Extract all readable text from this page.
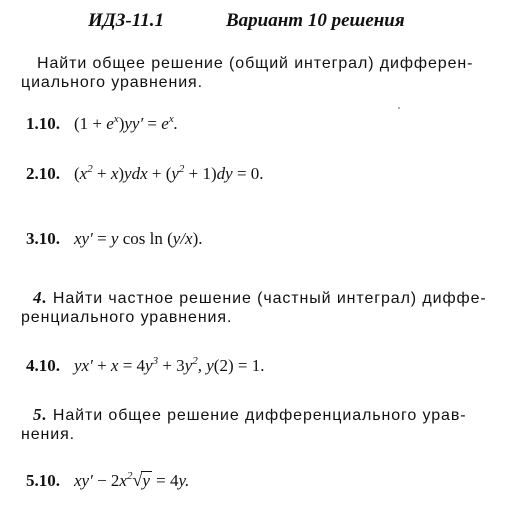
ИДЗ-11.1	Вариант 10 решения
Найти общее решение (общий интеграл) дифферен-
циального уравнения.
1.10. $(1 + e^x)yy' = e^x$.
2.10. $(x^2 + x)ydx + (y^2 + 1)dy = 0$.
3.10. xy′ = y cos ln (y/x).
4. Найти частное решение (частный интеграл) диффе-
ренциального уравнения.
4.10. $yx' + x = 4y^3 + 3y^2$, y(2) = 1.
5. Найти общее решение дифференциального урав-
нения.
5.10. $xy' - 2x^2√y = 4y$.
